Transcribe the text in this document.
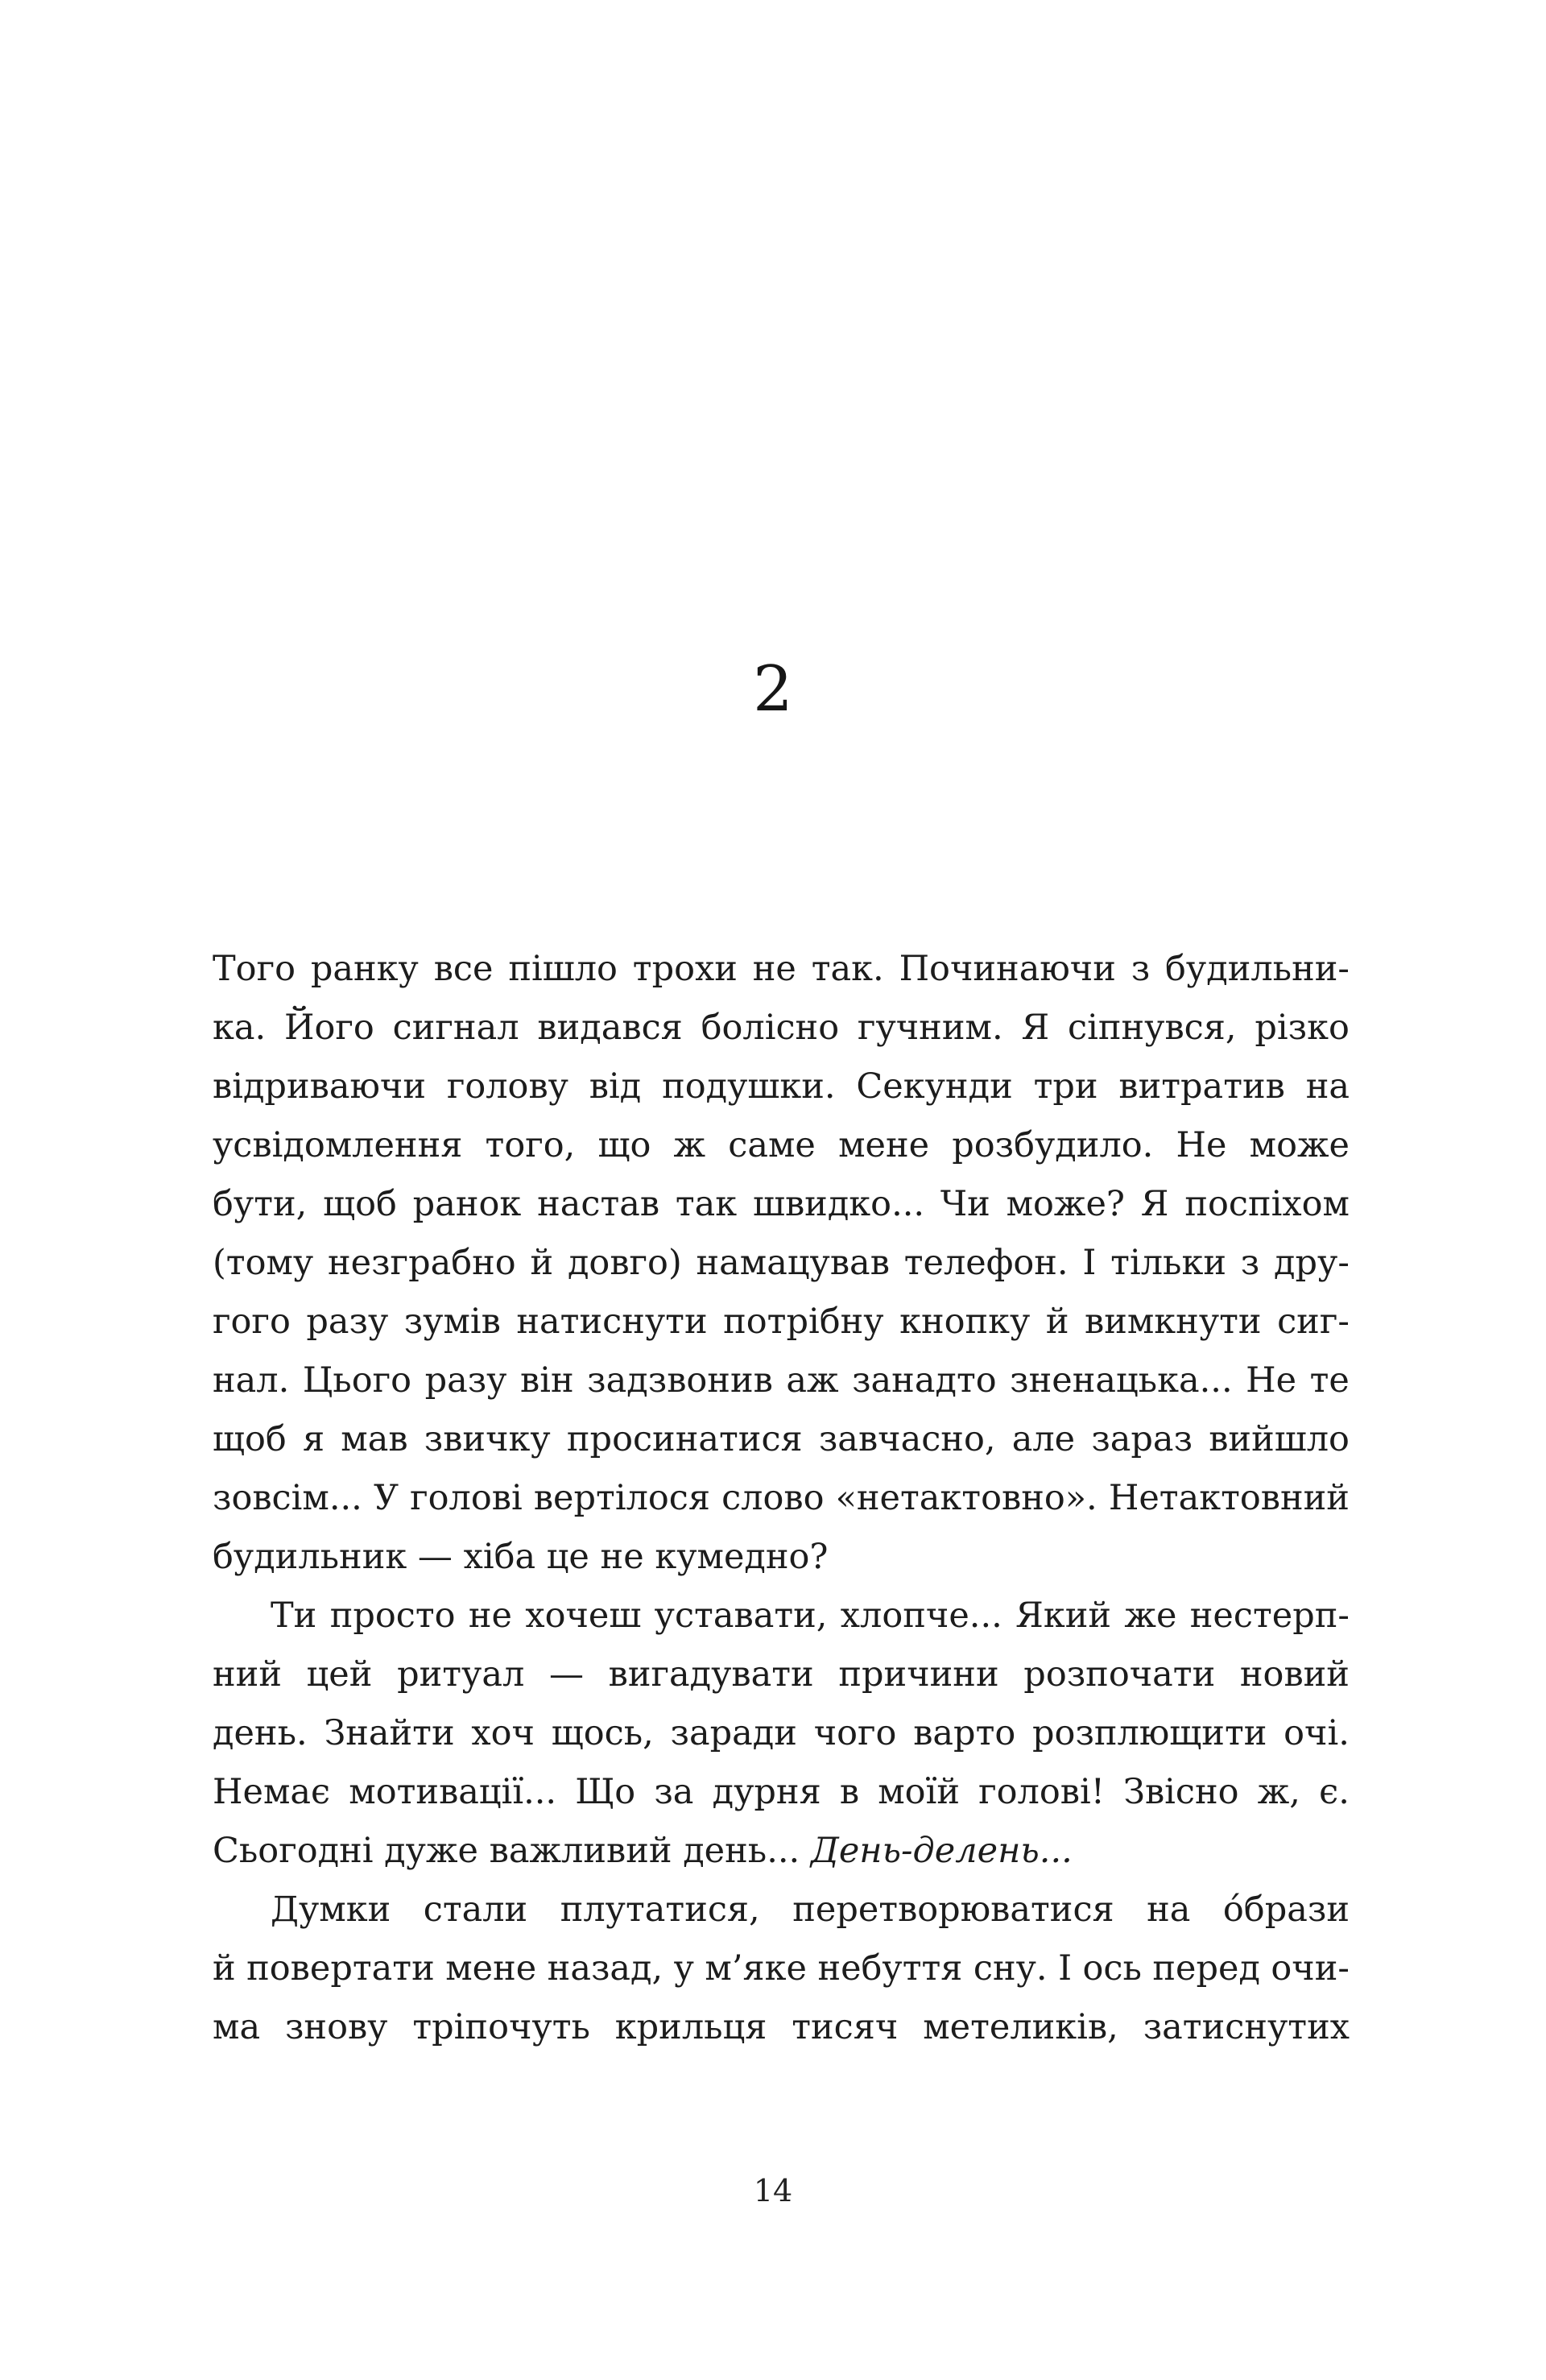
2
Того ранку все пішло трохи не так. Починаючи з будильни-
ка. Його сигнал видався болісно гучним. Я сіпнувся, різко
відриваючи голову від подушки. Секунди три витратив на
усвідомлення того, що ж саме мене розбудило. Не може
бути, щоб ранок настав так швидко... Чи може? Я поспіхом
(тому незграбно й довго) намацував телефон. І тільки з дру-
гого разу зумів натиснути потрібну кнопку й вимкнути сиг-
нал. Цього разу він задзвонив аж занадто зненацька... Не те
щоб я мав звичку просинатися завчасно, але зараз вийшло
зовсім... У голові вертілося слово «нетактовно». Нетактовний
будильник — хіба це не кумедно?
Ти просто не хочеш уставати, хлопче... Який же нестерп-
ний цей ритуал — вигадувати причини розпочати новий
день. Знайти хоч щось, заради чого варто розплющити очі.
Немає мотивації... Що за дурня в моїй голові! Звісно ж, є.
Сьогодні дуже важливий день... День-делень...
Думки стали плутатися, перетворюватися на о́брази
й повертати мене назад, у м’яке небуття сну. І ось перед очи-
ма знову тріпочуть крильця тисяч метеликів, затиснутих
14
